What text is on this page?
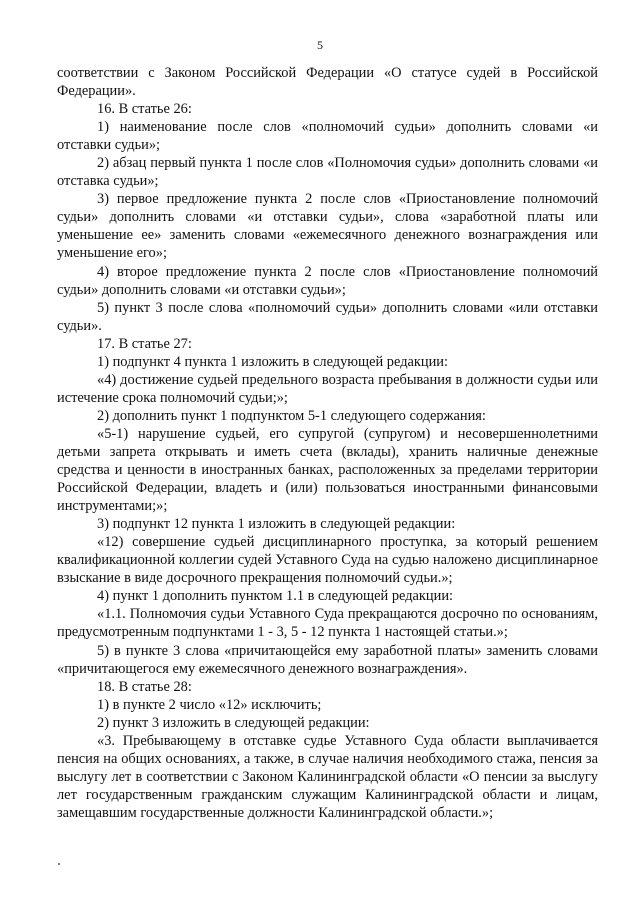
5

соответствии с Законом Российской Федерации «О статусе судей в Российской Федерации».

16. В статье 26:

1) наименование после слов «полномочий судьи» дополнить словами «и отставки судьи»;

2) абзац первый пункта 1 после слов «Полномочия судьи» дополнить словами «и отставка судьи»;

3) первое предложение пункта 2 после слов «Приостановление полномочий судьи» дополнить словами «и отставки судьи», слова «заработной платы или уменьшение ее» заменить словами «ежемесячного денежного вознаграждения или уменьшение его»;

4) второе предложение пункта 2 после слов «Приостановление полномочий судьи» дополнить словами «и отставки судьи»;

5) пункт 3 после слова «полномочий судьи» дополнить словами «или отставки судьи».

17. В статье 27:

1) подпункт 4 пункта 1 изложить в следующей редакции:

«4) достижение судьей предельного возраста пребывания в должности судьи или истечение срока полномочий судьи;»;

2) дополнить пункт 1 подпунктом 5-1 следующего содержания:

«5-1) нарушение судьей, его супругой (супругом) и несовершеннолетними детьми запрета открывать и иметь счета (вклады), хранить наличные денежные средства и ценности в иностранных банках, расположенных за пределами территории Российской Федерации, владеть и (или) пользоваться иностранными финансовыми инструментами;»;

3) подпункт 12 пункта 1 изложить в следующей редакции:

«12) совершение судьей дисциплинарного проступка, за который решением квалификационной коллегии судей Уставного Суда на судью наложено дисциплинарное взыскание в виде досрочного прекращения полномочий судьи.»;

4) пункт 1 дополнить пунктом 1.1 в следующей редакции:

«1.1. Полномочия судьи Уставного Суда прекращаются досрочно по основаниям, предусмотренным подпунктами 1 - 3, 5 - 12 пункта 1 настоящей статьи.»;

5) в пункте 3 слова «причитающейся ему заработной платы» заменить словами «причитающегося ему ежемесячного денежного вознаграждения».

18. В статье 28:

1) в пункте 2 число «12» исключить;

2) пункт 3 изложить в следующей редакции:

«3. Пребывающему в отставке судье Уставного Суда области выплачивается пенсия на общих основаниях, а также, в случае наличия необходимого стажа, пенсия за выслугу лет в соответствии с Законом Калининградской области «О пенсии за выслугу лет государственным гражданским служащим Калининградской области и лицам, замещавшим государственные должности Калининградской области.»;
